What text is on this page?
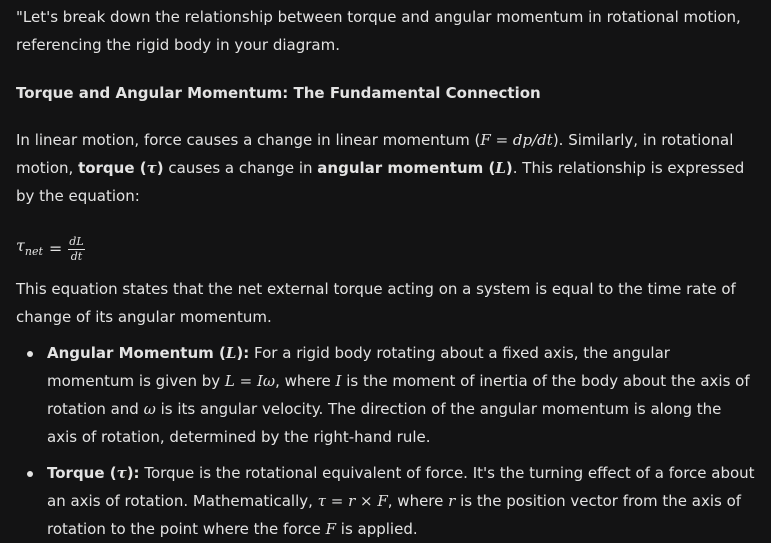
"Let's break down the relationship between torque and angular momentum in rotational motion, referencing the rigid body in your diagram.

Torque and Angular Momentum: The Fundamental Connection

In linear motion, force causes a change in linear momentum (F = dp/dt). Similarly, in rotational motion, torque (τ) causes a change in angular momentum (L). This relationship is expressed by the equation:

$\tau_{net} = \frac{dL}{dt}$

This equation states that the net external torque acting on a system is equal to the time rate of change of its angular momentum.

Angular Momentum (L): For a rigid body rotating about a fixed axis, the angular momentum is given by L = Iω, where I is the moment of inertia of the body about the axis of rotation and ω is its angular velocity. The direction of the angular momentum is along the axis of rotation, determined by the right-hand rule.
Torque (τ): Torque is the rotational equivalent of force. It's the turning effect of a force about an axis of rotation. Mathematically, τ = r × F, where r is the position vector from the axis of rotation to the point where the force F is applied.
